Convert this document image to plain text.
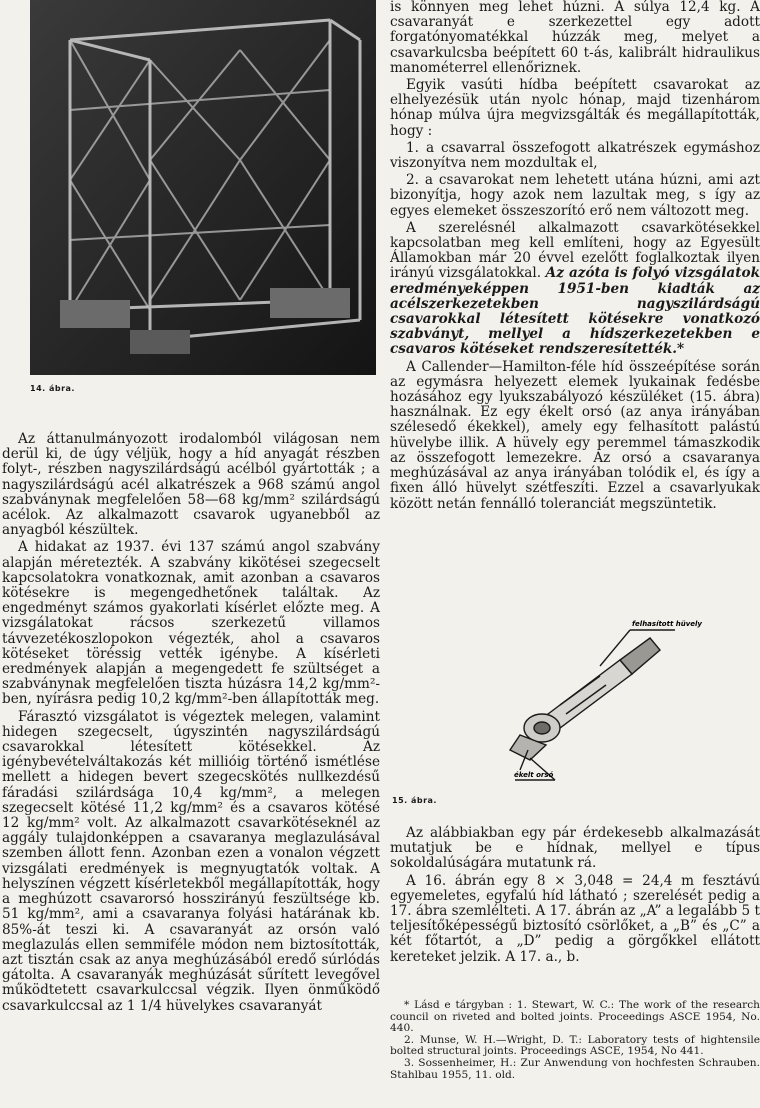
14. ábra.

Az áttanulmányozott irodalomból világosan nem derül ki, de úgy véljük, hogy a híd anyagát részben folyt-, részben nagyszilárdságú acélból gyártották ; a nagyszilárdságú acél alkatrészek a 968 számú angol szabványnak megfelelően 58—68 kg/mm² szilárdságú acélok. Az alkalmazott csavarok ugyanebből az anyagból készültek.

A hidakat az 1937. évi 137 számú angol szabvány alapján méretezték. A szabvány kikötései szegecselt kapcsolatokra vonatkoznak, amit azonban a csavaros kötésekre is megengedhetőnek találtak. Az engedményt számos gyakorlati kísérlet előzte meg. A vizsgálatokat rácsos szerkezetű villamos távvezetékoszlopokon végezték, ahol a csavaros kötéseket töréssig vették igénybe. A kísérleti eredmények alapján a megengedett fe szültséget a szabványnak megfelelően tiszta húzásra 14,2 kg/mm²-ben, nyírásra pedig 10,2 kg/mm²-ben állapították meg.

Fárasztó vizsgálatot is végeztek melegen, valamint hidegen szegecselt, úgyszintén nagyszilárdságú csavarokkal létesített kötésekkel. Az igénybevételváltakozás két millióig történő ismétlése mellett a hidegen bevert szegecskötés nullkezdésű fáradási szilárdsága 10,4 kg/mm², a melegen szegecselt kötésé 11,2 kg/mm² és a csavaros kötésé 12 kg/mm² volt. Az alkalmazott csavarkötéseknél az aggály tulajdonképpen a csavaranya meglazulásával szemben állott fenn. Azonban ezen a vonalon végzett vizsgálati eredmények is megnyugtatók voltak. A helyszínen végzett kísérletekből megállapították, hogy a meghúzott csavarorsó hosszirányú feszültsége kb. 51 kg/mm², ami a csavaranya folyási határának kb. 85%-át teszi ki. A csavaranyát az orsón való meglazulás ellen semmiféle módon nem biztosították, azt tisztán csak az anya meghúzásából eredő súrlódás gátolta. A csavaranyák meghúzását sűrített levegővel működtetett csavarkulccsal végzik. Ilyen önműködő csavarkulccsal az 1 1/4 hüvelykes csavaranyát

is könnyen meg lehet húzni. A súlya 12,4 kg. A csavaranyát e szerkezettel egy adott forgatónyomatékkal húzzák meg, melyet a csavarkulcsba beépített 60 t-ás, kalibrált hidraulikus manométerrel ellenőriznek.

Egyik vasúti hídba beépített csavarokat az elhelyezésük után nyolc hónap, majd tizenhárom hónap múlva újra megvizsgálták és megállapították, hogy :

1. a csavarral összefogott alkatrészek egymáshoz viszonyítva nem mozdultak el,

2. a csavarokat nem lehetett utána húzni, ami azt bizonyítja, hogy azok nem lazultak meg, s így az egyes elemeket összeszorító erő nem változott meg.

A szerelésnél alkalmazott csavarkötésekkel kapcsolatban meg kell említeni, hogy az Egyesült Államokban már 20 évvel ezelőtt foglalkoztak ilyen irányú vizsgálatokkal. Az azóta is folyó vizsgálatok eredményeképpen 1951-ben kiadták az acélszerkezetekben nagyszilárdságú csavarokkal létesített kötésekre vonatkozó szabványt, mellyel a hídszerkezetekben e csavaros kötéseket rendszeresítették.*

A Callender—Hamilton-féle híd összeépítése során az egymásra helyezett elemek lyukainak fedésbe hozásához egy lyukszabályozó készüléket (15. ábra) használnak. Ez egy ékelt orsó (az anya irányában szélesedő ékekkel), amely egy felhasított palástú hüvelybe illik. A hüvely egy peremmel támaszkodik az összefogott lemezekre. Az orsó a csavaranya meghúzásával az anya irányában tolódik el, és így a fixen álló hüvelyt szétfeszíti. Ezzel a csavarlyukak között netán fennálló toleranciát megszüntetik.

felhasított hüvely
ékelt orsó
15. ábra.

Az alábbiakban egy pár érdekesebb alkalmazását mutatjuk be e hídnak, mellyel e típus sokoldalúságára mutatunk rá.

A 16. ábrán egy 8 × 3,048 = 24,4 m fesztávú egyemeletes, egyfalú híd látható ; szerelését pedig a 17. ábra szemlélteti. A 17. ábrán az „A” a legalább 5 t teljesítőképességű biztosító csörlőket, a „B” és „C” a két főtartót, a „D” pedig a görgőkkel ellátott kereteket jelzik. A 17. a., b.

* Lásd e tárgyban : 1. Stewart, W. C.: The work of the research council on riveted and bolted joints. Proceedings ASCE 1954, No. 440.

2. Munse, W. H.—Wright, D. T.: Laboratory tests of hightensile bolted structural joints. Proceedings ASCE, 1954, No 441.

3. Sossenheimer, H.: Zur Anwendung von hochfesten Schrauben. Stahlbau 1955, 11. old.
